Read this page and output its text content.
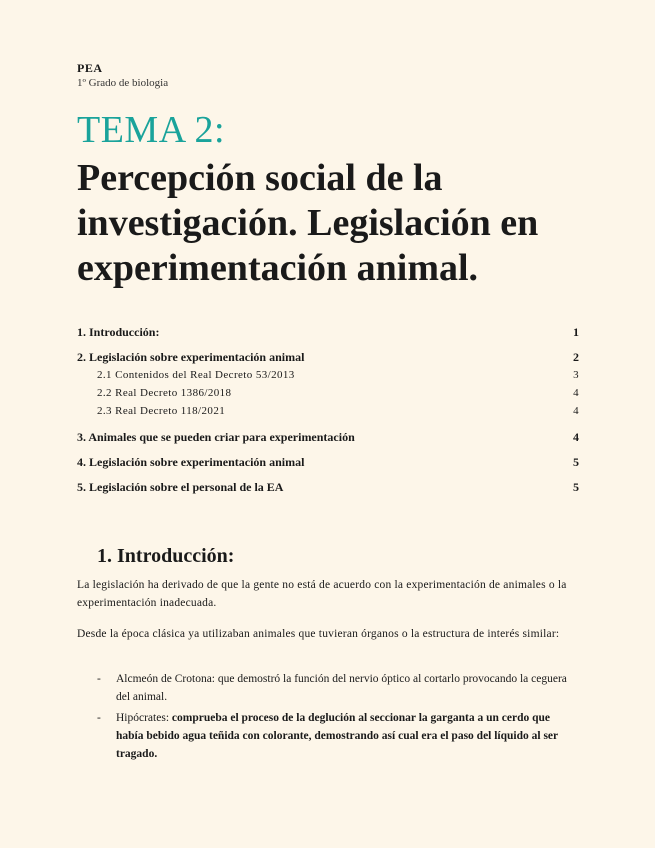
PEA
1º Grado de biologia
TEMA 2:
Percepción social de la investigación. Legislación en experimentación animal.
1. Introducción:	1
2. Legislación sobre experimentación animal	2
2.1 Contenidos del Real Decreto 53/2013	3
2.2 Real Decreto 1386/2018	4
2.3 Real Decreto 118/2021	4
3. Animales que se pueden criar para experimentación	4
4. Legislación sobre experimentación animal	5
5. Legislación sobre el personal de la EA	5
1. Introducción:
La legislación ha derivado de que la gente no está de acuerdo con la experimentación de animales o la experimentación inadecuada.
Desde la época clásica ya utilizaban animales que tuvieran órganos o la estructura de interés similar:
- Alcmeón de Crotona: que demostró la función del nervio óptico al cortarlo provocando la ceguera del animal.
- Hipócrates: comprueba el proceso de la deglución al seccionar la garganta a un cerdo que había bebido agua teñida con colorante, demostrando así cual era el paso del líquido al ser tragado.
